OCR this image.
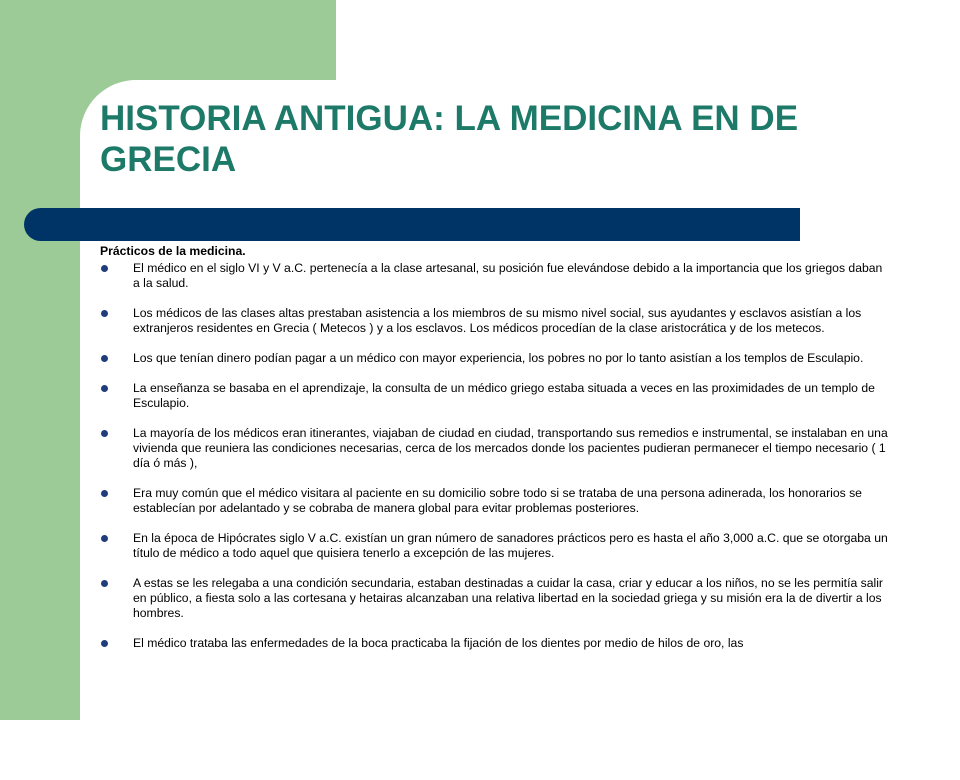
HISTORIA ANTIGUA: LA MEDICINA EN DE GRECIA

Prácticos de la medicina.

El médico en el siglo VI y V a.C. pertenecía a la clase artesanal, su posición fue elevándose debido a la importancia que los griegos daban a la salud.
Los médicos de las clases altas prestaban asistencia a los miembros de su mismo nivel social, sus ayudantes y esclavos asistían a los extranjeros residentes en Grecia ( Metecos ) y a los esclavos. Los médicos procedían de la clase aristocrática y de los metecos.
Los que tenían dinero podían pagar a un médico con mayor experiencia, los pobres no por lo tanto asistían a los templos de Esculapio.
La enseñanza se basaba en el aprendizaje, la consulta de un médico griego estaba situada a veces en las proximidades de un templo de Esculapio.
La mayoría de los médicos eran itinerantes, viajaban de ciudad en ciudad, transportando sus remedios e instrumental, se instalaban en una vivienda que reuniera las condiciones necesarias, cerca de los mercados donde los pacientes pudieran permanecer el tiempo necesario ( 1 día ó más ),
Era muy común que el médico visitara al paciente en su domicilio sobre todo si se trataba de una persona adinerada, los honorarios se establecían por adelantado y se cobraba de manera global para evitar problemas posteriores.
En la época de Hipócrates siglo V a.C. existían un gran número de sanadores prácticos pero es hasta el año 3,000 a.C. que se otorgaba un título de médico a todo aquel que quisiera tenerlo a excepción de las mujeres.
A estas se les relegaba a una condición secundaria, estaban destinadas a cuidar la casa, criar y educar a los niños, no se les permitía salir en público, a fiesta solo a las cortesana y hetairas alcanzaban una relativa libertad en la sociedad griega y su misión era la de divertir a los hombres.
El médico trataba las enfermedades de la boca practicaba la fijación de los dientes por medio de hilos de oro, las
